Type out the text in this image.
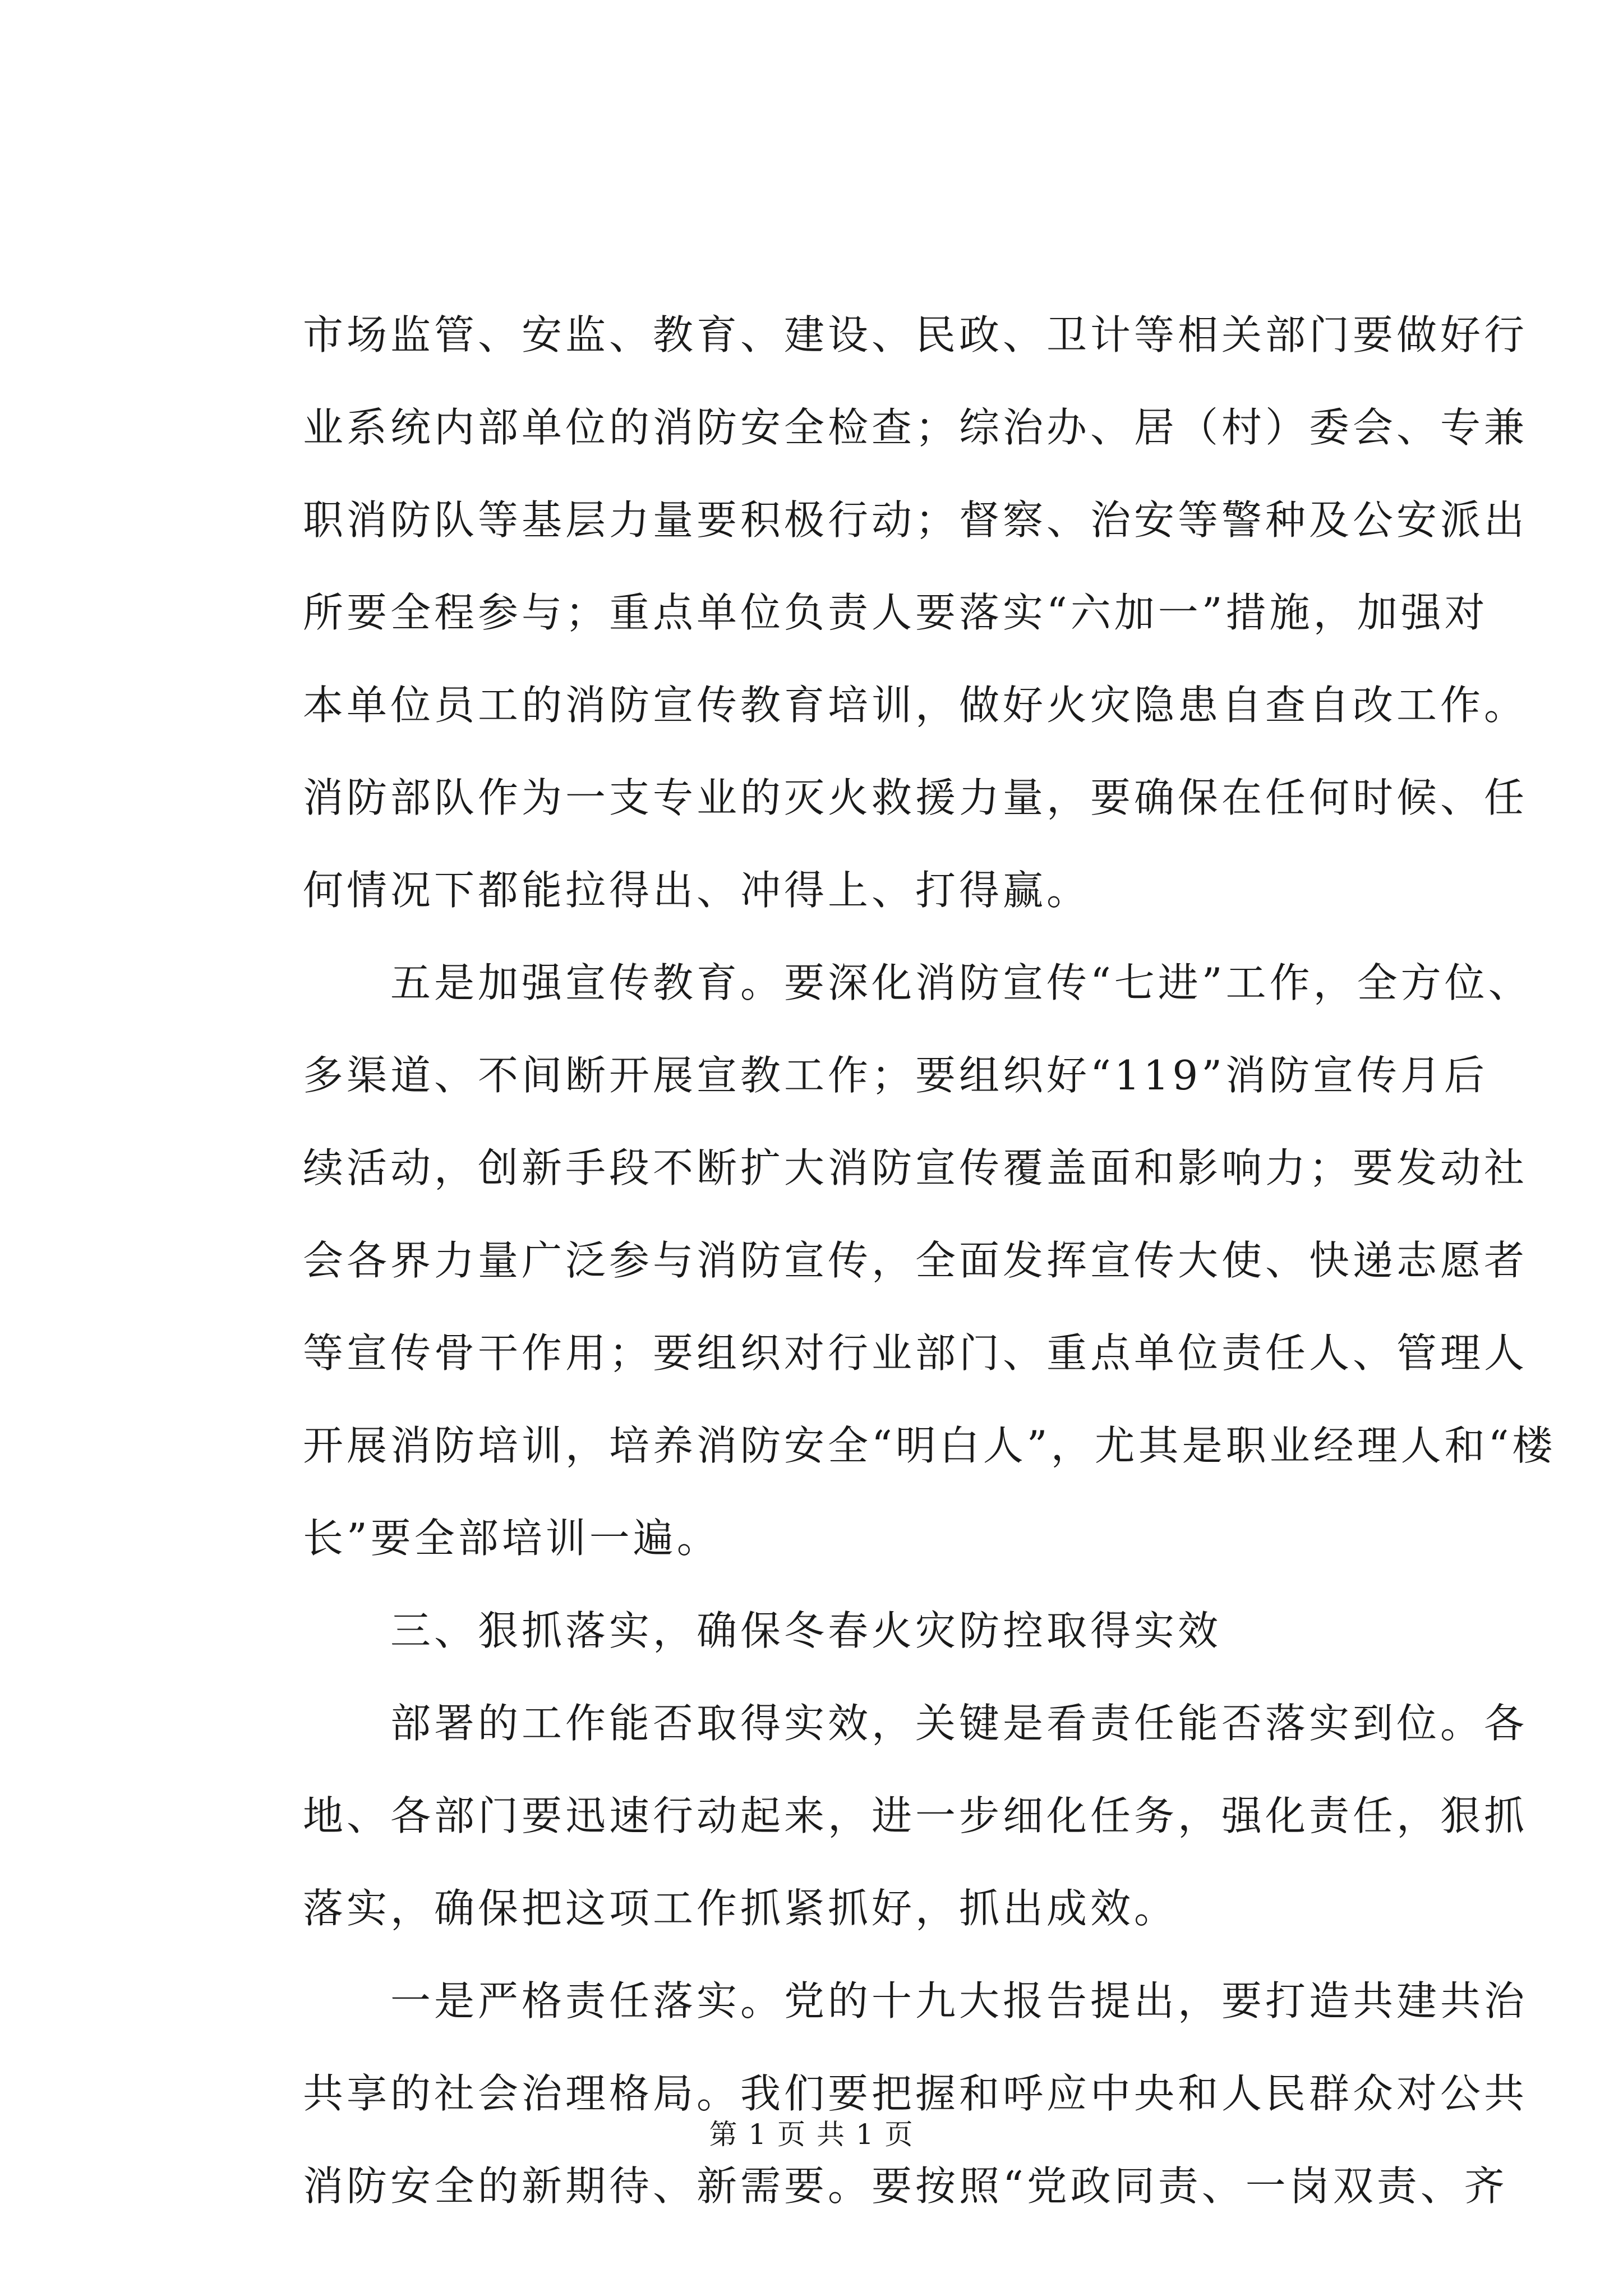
市场监管、安监、教育、建设、民政、卫计等相关部门要做好行
业系统内部单位的消防安全检查；综治办、居（村）委会、专兼
职消防队等基层力量要积极行动；督察、治安等警种及公安派出
所要全程参与；重点单位负责人要落实“六加一”措施，加强对
本单位员工的消防宣传教育培训，做好火灾隐患自查自改工作。
消防部队作为一支专业的灭火救援力量，要确保在任何时候、任
何情况下都能拉得出、冲得上、打得赢。
　　五是加强宣传教育。要深化消防宣传“七进”工作，全方位、
多渠道、不间断开展宣教工作；要组织好“119”消防宣传月后
续活动，创新手段不断扩大消防宣传覆盖面和影响力；要发动社
会各界力量广泛参与消防宣传，全面发挥宣传大使、快递志愿者
等宣传骨干作用；要组织对行业部门、重点单位责任人、管理人
开展消防培训，培养消防安全“明白人”，尤其是职业经理人和“楼
长”要全部培训一遍。
　　三、狠抓落实，确保冬春火灾防控取得实效
　　部署的工作能否取得实效，关键是看责任能否落实到位。各
地、各部门要迅速行动起来，进一步细化任务，强化责任，狠抓
落实，确保把这项工作抓紧抓好，抓出成效。
　　一是严格责任落实。党的十九大报告提出，要打造共建共治
共享的社会治理格局。我们要把握和呼应中央和人民群众对公共
消防安全的新期待、新需要。要按照“党政同责、一岗双责、齐
第 1 页 共 1 页
